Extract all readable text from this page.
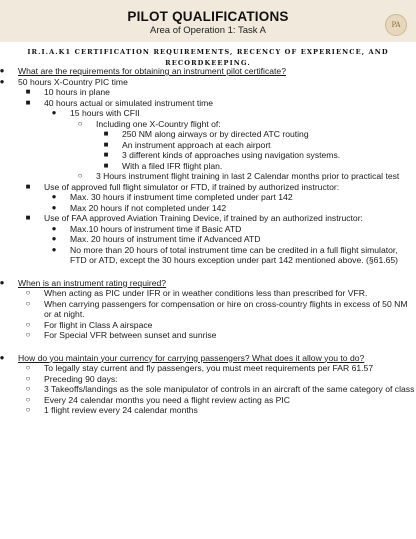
PILOT QUALIFICATIONS
Area of Operation 1: Task A	PA
IR.I.A.K1 CERTIFICATION REQUIREMENTS, RECENCY OF EXPERIENCE, AND RECORDKEEPING.
● What are the requirements for obtaining an instrument pilot certificate?
● 50 hours X-Country PIC time
■ 10 hours in plane
■ 40 hours actual or simulated instrument time
● 15 hours with CFII
○ Including one X-Country flight of:
■ 250 NM along airways or by directed ATC routing
■ An instrument approach at each airport
■ 3 different kinds of approaches using navigation systems.
■ With a filed IFR flight plan.
○ 3 Hours instrument flight training in last 2 Calendar months prior to practical test
■ Use of approved full flight simulator or FTD, if trained by authorized instructor:
● Max. 30 hours if instrument time completed under part 142
● Max 20 hours if not completed under 142
■ Use of FAA approved Aviation Training Device, if trained by an authorized instructor:
● Max.10 hours of instrument time if Basic ATD
● Max. 20 hours of instrument time if Advanced ATD
● No more than 20 hours of total instrument time can be credited in a full flight simulator, FTD or ATD, except the 30 hours exception under part 142 mentioned above. (§61.65)
● When is an instrument rating required?
○ When acting as PIC under IFR or in weather conditions less than prescribed for VFR.
○ When carrying passengers for compensation or hire on cross-country flights in excess of 50 NM or at night.
○ For flight in Class A airspace
○ For Special VFR between sunset and sunrise
● How do you maintain your currency for carrying passengers? What does it allow you to do?
○ To legally stay current and fly passengers, you must meet requirements per FAR 61.57
○ Preceding 90 days:
○ 3 Takeoffs/landings as the sole manipulator of controls in an aircraft of the same category of class
○ Every 24 calendar months you need a flight review acting as PIC
○ 1 flight review every 24 calendar months
